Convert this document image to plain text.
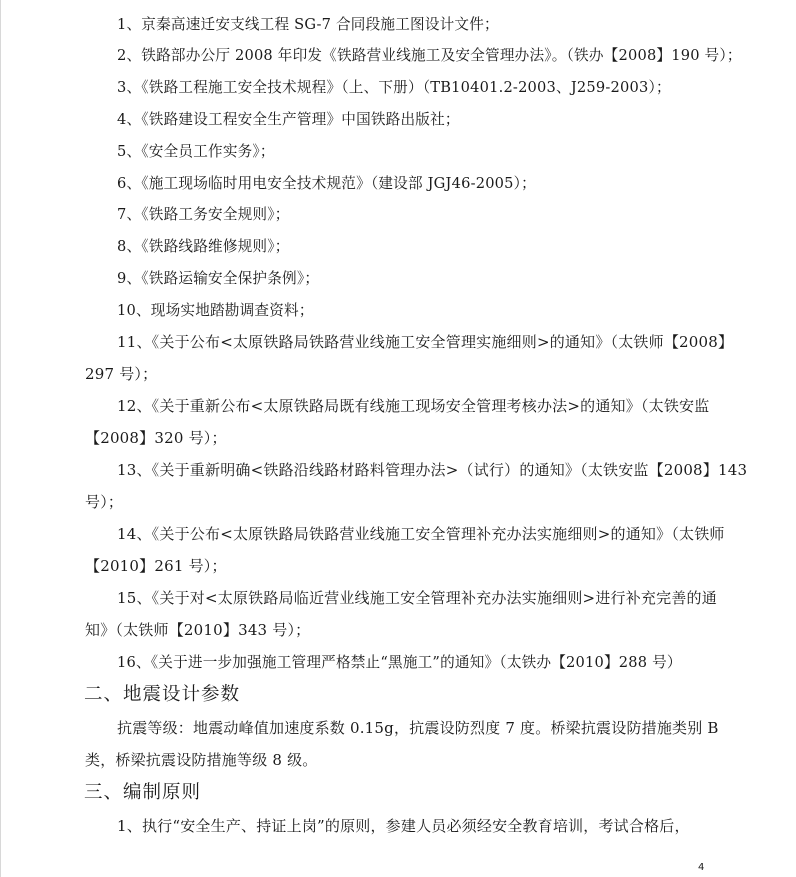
1、京秦高速迁安支线工程 SG-7 合同段施工图设计文件；
2、铁路部办公厅 2008 年印发《铁路营业线施工及安全管理办法》。（铁办【2008】190 号）；
3、《铁路工程施工安全技术规程》（上、下册）（TB10401.2-2003、J259-2003）；
4、《铁路建设工程安全生产管理》中国铁路出版社；
5、《安全员工作实务》；
6、《施工现场临时用电安全技术规范》（建设部 JGJ46-2005）；
7、《铁路工务安全规则》；
8、《铁路线路维修规则》；
9、《铁路运输安全保护条例》；
10、现场实地踏勘调查资料；
11、《关于公布<太原铁路局铁路营业线施工安全管理实施细则>的通知》（太铁师【2008】
297 号）；
12、《关于重新公布<太原铁路局既有线施工现场安全管理考核办法>的通知》（太铁安监
【2008】320 号）；
13、《关于重新明确<铁路沿线路材路料管理办法>（试行）的通知》（太铁安监【2008】143
号）；
14、《关于公布<太原铁路局铁路营业线施工安全管理补充办法实施细则>的通知》（太铁师
【2010】261 号）；
15、《关于对<太原铁路局临近营业线施工安全管理补充办法实施细则>进行补充完善的通
知》（太铁师【2010】343 号）；
16、《关于进一步加强施工管理严格禁止“黑施工”的通知》（太铁办【2010】288 号）
二、地震设计参数
抗震等级：地震动峰值加速度系数 0.15g，抗震设防烈度 7 度。桥梁抗震设防措施类别 B
类，桥梁抗震设防措施等级 8 级。
三、编制原则
1、执行“安全生产、持证上岗”的原则，参建人员必须经安全教育培训，考试合格后，
4
